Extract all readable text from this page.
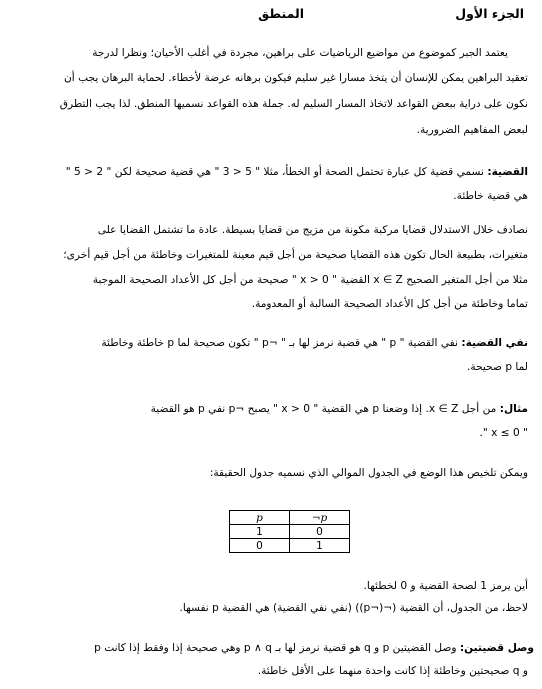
الجزء الأول
المنطق
يعتمد الجبر كموضوع من مواضيع الرياضيات على براهين، مجردة في أغلب الأحيان؛ ونظرا لدرجة
تعقيد البراهين يمكن للإنسان أن يتخذ مسارا غير سليم فيكون برهانه عرضة لأخطاء. لحماية البرهان يجب أن
نكون على دراية ببعض القواعد لاتخاذ المسار السليم له. جملة هذه القواعد نسميها المنطق. لذا يجب التطرق
لبعض المفاهيم الضرورية.
القضية: نسمي قضية كل عبارة تحتمل الصحة أو الخطأ، مثلا " 5 < 3 " هي قضية صحيحة لكن " 2 < 5 "
هي قضية خاطئة.
نصادف خلال الاستدلال قضايا مركبة مكونة من مزيج من قضايا بسيطة. عادة ما تشتمل القضايا على
متغيرات، بطبيعة الحال تكون هذه القضايا صحيحة من أجل قيم معينة للمتغيرات وخاطئة من أجل قيم أخرى؛
مثلا من أجل المتغير الصحيح x ∈ Z القضية " x > 0 " صحيحة من أجل كل الأعداد الصحيحة الموجبة
تماما وخاطئة من أجل كل الأعداد الصحيحة السالبة أو المعدومة.
نفي القضية: نفي القضية " p " هي قضية نرمز لها بـ " ¬p " تكون صحيحة لما p خاطئة وخاطئة
لما p صحيحة.
مثال: من أجل x ∈ Z. إذا وضعنا p هي القضية " x > 0 " يصبح ¬p نفي p هو القضية
" x ≤ 0 ".
ويمكن تلخيص هذا الوضع في الجدول الموالي الذي نسميه جدول الحقيقة:
p	¬p
1	0
0	1
أين يرمز 1 لصحة القضية و 0 لخطئها.
لاحظ، من الجدول، أن القضية (¬(¬p)) (نفي نفي القضية) هي القضية p نفسها.
وصل قضيتين: وصل القضيتين p و q هو قضية نرمز لها بـ p ∧ q وهي صحيحة إذا وفقط إذا كانت p
و q صحيحتين وخاطئة إذا كانت واحدة منهما على الأقل خاطئة.
